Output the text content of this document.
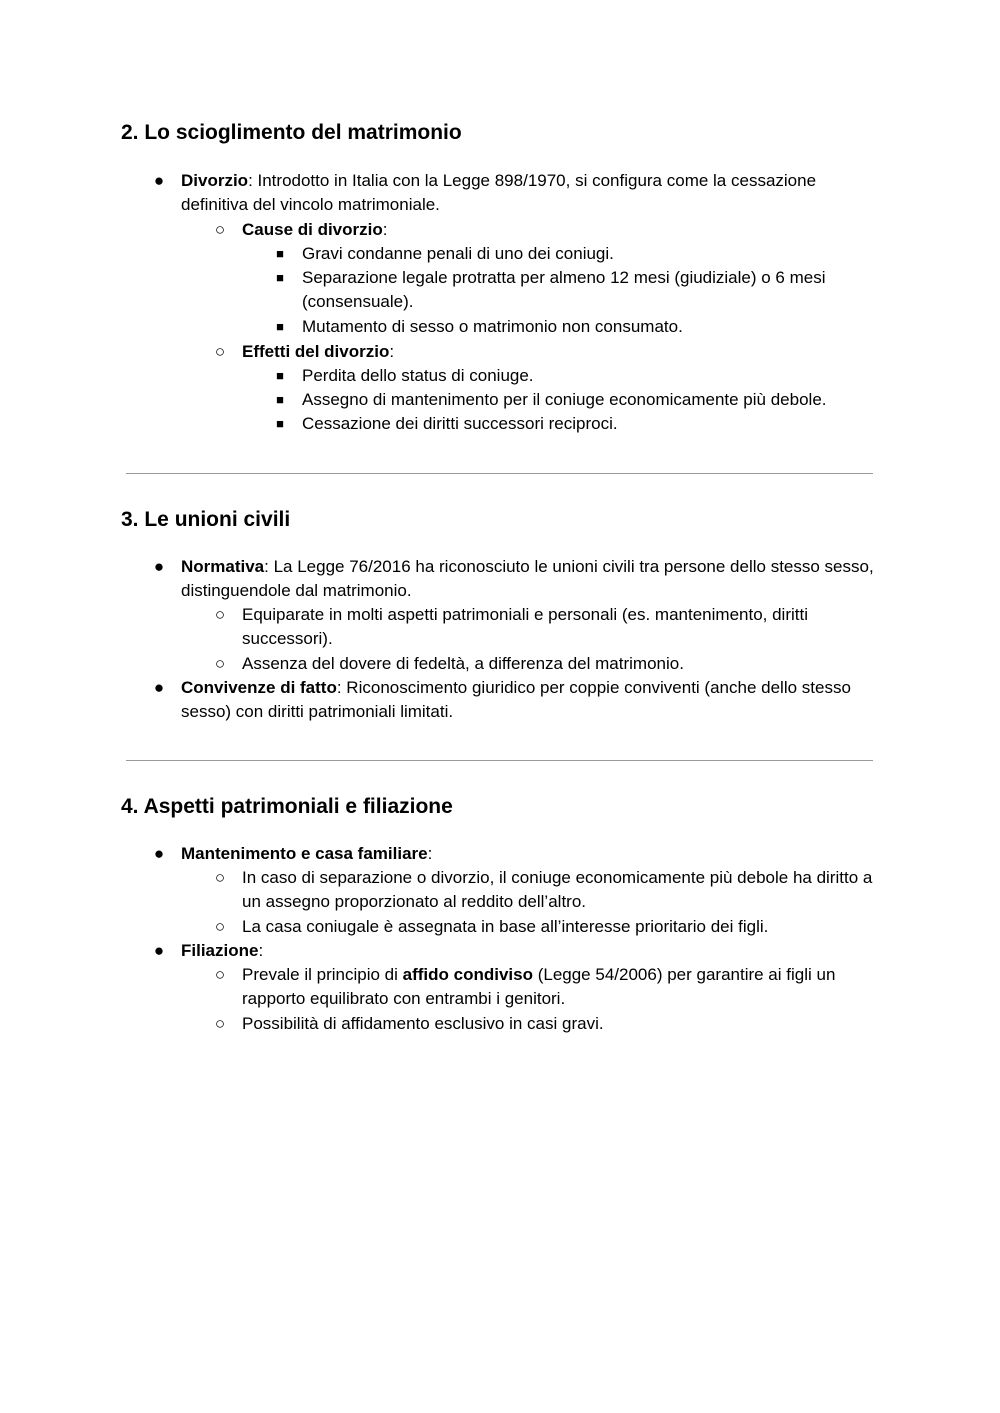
2. Lo scioglimento del matrimonio
● Divorzio: Introdotto in Italia con la Legge 898/1970, si configura come la cessazione definitiva del vincolo matrimoniale.
○ Cause di divorzio:
■ Gravi condanne penali di uno dei coniugi.
■ Separazione legale protratta per almeno 12 mesi (giudiziale) o 6 mesi (consensuale).
■ Mutamento di sesso o matrimonio non consumato.
○ Effetti del divorzio:
■ Perdita dello status di coniuge.
■ Assegno di mantenimento per il coniuge economicamente più debole.
■ Cessazione dei diritti successori reciproci.
3. Le unioni civili
● Normativa: La Legge 76/2016 ha riconosciuto le unioni civili tra persone dello stesso sesso, distinguendole dal matrimonio.
○ Equiparate in molti aspetti patrimoniali e personali (es. mantenimento, diritti successori).
○ Assenza del dovere di fedeltà, a differenza del matrimonio.
● Convivenze di fatto: Riconoscimento giuridico per coppie conviventi (anche dello stesso sesso) con diritti patrimoniali limitati.
4. Aspetti patrimoniali e filiazione
● Mantenimento e casa familiare:
○ In caso di separazione o divorzio, il coniuge economicamente più debole ha diritto a un assegno proporzionato al reddito dell’altro.
○ La casa coniugale è assegnata in base all’interesse prioritario dei figli.
● Filiazione:
○ Prevale il principio di affido condiviso (Legge 54/2006) per garantire ai figli un rapporto equilibrato con entrambi i genitori.
○ Possibilità di affidamento esclusivo in casi gravi.
